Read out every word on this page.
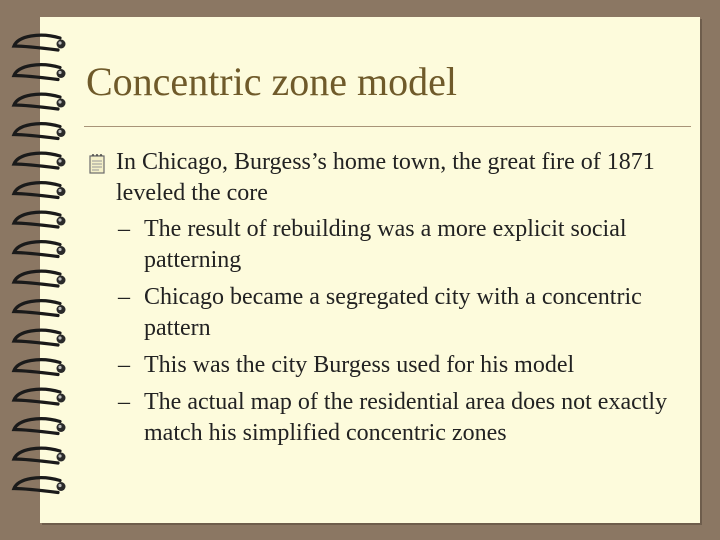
Concentric zone model
In Chicago, Burgess’s home town, the great fire of 1871 leveled the core
– The result of rebuilding was a more explicit social patterning
– Chicago became a segregated city with a concentric pattern
– This was the city Burgess used for his model
– The actual map of the residential area does not exactly match his simplified concentric zones
